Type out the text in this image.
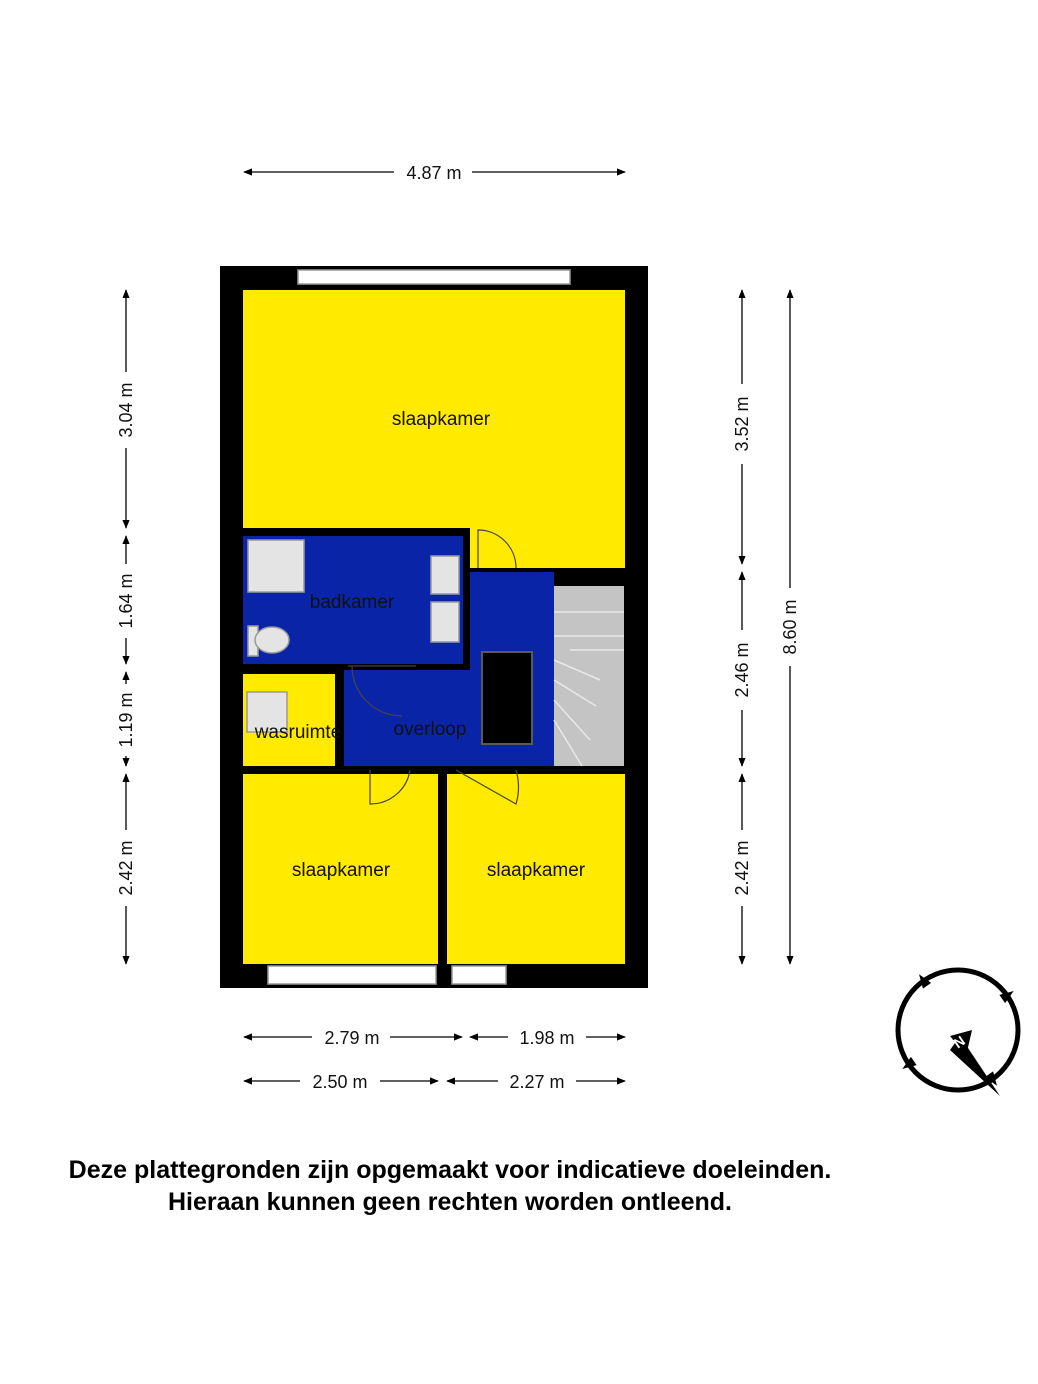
slaapkamer
badkamer
wasruimte	overloop
slaapkamer	slaapkamer
4.87 m
3.04 m
1.64 m
1.19 m
2.42 m
3.52 m
2.46 m
2.42 m
8.60 m
2.79 m	1.98 m
2.50 m	2.27 m
N
Deze plattegronden zijn opgemaakt voor indicatieve doeleinden.
Hieraan kunnen geen rechten worden ontleend.
